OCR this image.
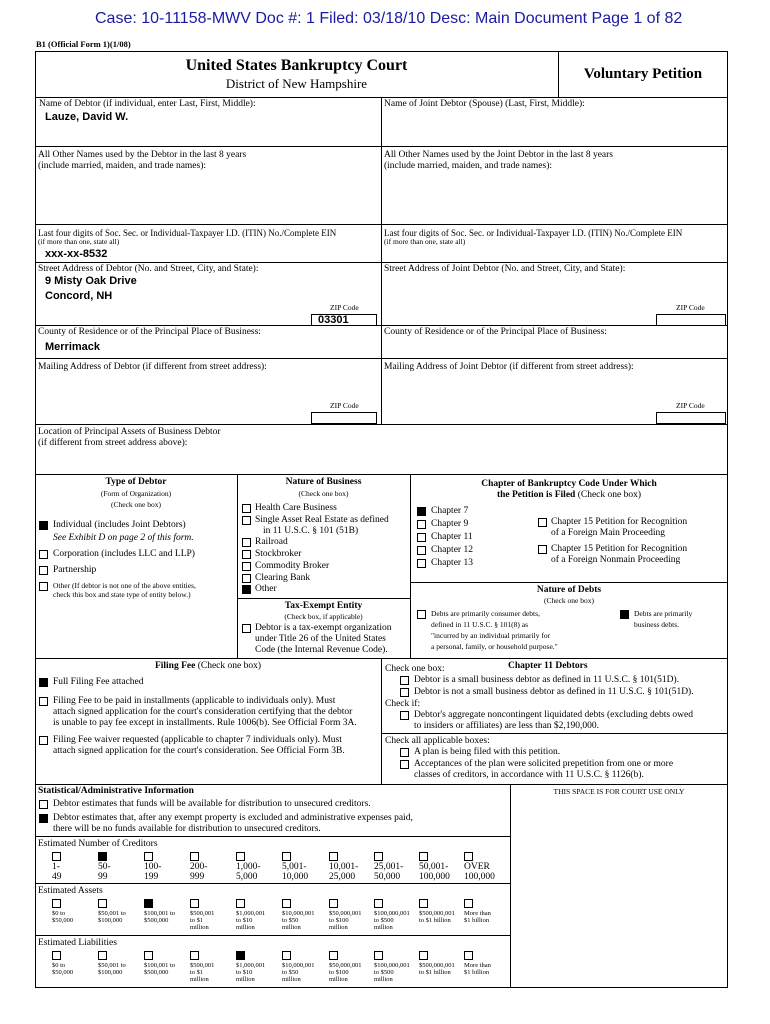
Case: 10-11158-MWV Doc #: 1 Filed: 03/18/10 Desc: Main Document Page 1 of 82
B1 (Official Form 1)(1/08)
United States Bankruptcy Court
District of New Hampshire
Voluntary Petition
Name of Debtor (if individual, enter Last, First, Middle):
Lauze, David W.
Name of Joint Debtor (Spouse) (Last, First, Middle):
All Other Names used by the Debtor in the last 8 years
(include married, maiden, and trade names):
All Other Names used by the Joint Debtor in the last 8 years
(include married, maiden, and trade names):
Last four digits of Soc. Sec. or Individual-Taxpayer I.D. (ITIN) No./Complete EIN
(if more than one, state all)
xxx-xx-8532
Last four digits of Soc. Sec. or Individual-Taxpayer I.D. (ITIN) No./Complete EIN
(if more than one, state all)
Street Address of Debtor (No. and Street, City, and State):
9 Misty Oak Drive
Concord, NH
ZIP Code
03301
Street Address of Joint Debtor (No. and Street, City, and State):
ZIP Code
County of Residence or of the Principal Place of Business:
Merrimack
County of Residence or of the Principal Place of Business:
Mailing Address of Debtor (if different from street address):
ZIP Code
Mailing Address of Joint Debtor (if different from street address):
ZIP Code
Location of Principal Assets of Business Debtor
(if different from street address above):
Type of Debtor
(Form of Organization)
(Check one box)
Individual (includes Joint Debtors)
See Exhibit D on page 2 of this form.
Corporation (includes LLC and LLP)
Partnership
Other (If debtor is not one of the above entities,
check this box and state type of entity below.)
Nature of Business
(Check one box)
Health Care Business
Single Asset Real Estate as defined
in 11 U.S.C. § 101 (51B)
Railroad
Stockbroker
Commodity Broker
Clearing Bank
Other
Tax-Exempt Entity
(Check box, if applicable)
Debtor is a tax-exempt organization
under Title 26 of the United States
Code (the Internal Revenue Code).
Chapter of Bankruptcy Code Under Which
the Petition is Filed (Check one box)
Chapter 7
Chapter 9
Chapter 11
Chapter 12
Chapter 13
Chapter 15 Petition for Recognition
of a Foreign Main Proceeding
Chapter 15 Petition for Recognition
of a Foreign Nonmain Proceeding
Nature of Debts
(Check one box)
Debts are primarily consumer debts,
defined in 11 U.S.C. § 101(8) as
"incurred by an individual primarily for
a personal, family, or household purpose."
Debts are primarily
business debts.
Filing Fee (Check one box)
Full Filing Fee attached
Filing Fee to be paid in installments (applicable to individuals only). Must
attach signed application for the court's consideration certifying that the debtor
is unable to pay fee except in installments. Rule 1006(b). See Official Form 3A.
Filing Fee waiver requested (applicable to chapter 7 individuals only). Must
attach signed application for the court's consideration. See Official Form 3B.
Check one box:	Chapter 11 Debtors
Debtor is a small business debtor as defined in 11 U.S.C. § 101(51D).
Debtor is not a small business debtor as defined in 11 U.S.C. § 101(51D).
Check if:
Debtor's aggregate noncontingent liquidated debts (excluding debts owed
to insiders or affiliates) are less than $2,190,000.
Check all applicable boxes:
A plan is being filed with this petition.
Acceptances of the plan were solicited prepetition from one or more
classes of creditors, in accordance with 11 U.S.C. § 1126(b).
Statistical/Administrative Information	THIS SPACE IS FOR COURT USE ONLY
Debtor estimates that funds will be available for distribution to unsecured creditors.
Debtor estimates that, after any exempt property is excluded and administrative expenses paid,
there will be no funds available for distribution to unsecured creditors.
Estimated Number of Creditors
1-
49
50-
99
100-
199
200-
999
1,000-
5,000
5,001-
10,000
10,001-
25,000
25,001-
50,000
50,001-
100,000
OVER
100,000
Estimated Assets
$0 to
$50,000
$50,001 to
$100,000
$100,001 to
$500,000
$500,001
to $1
million
$1,000,001
to $10
million
$10,000,001
to $50
million
$50,000,001
to $100
million
$100,000,001
to $500
million
$500,000,001
to $1 billion
More than
$1 billion
Estimated Liabilities
$0 to
$50,000
$50,001 to
$100,000
$100,001 to
$500,000
$500,001
to $1
million
$1,000,001
to $10
million
$10,000,001
to $50
million
$50,000,001
to $100
million
$100,000,001
to $500
million
$500,000,001
to $1 billion
More than
$1 billion
